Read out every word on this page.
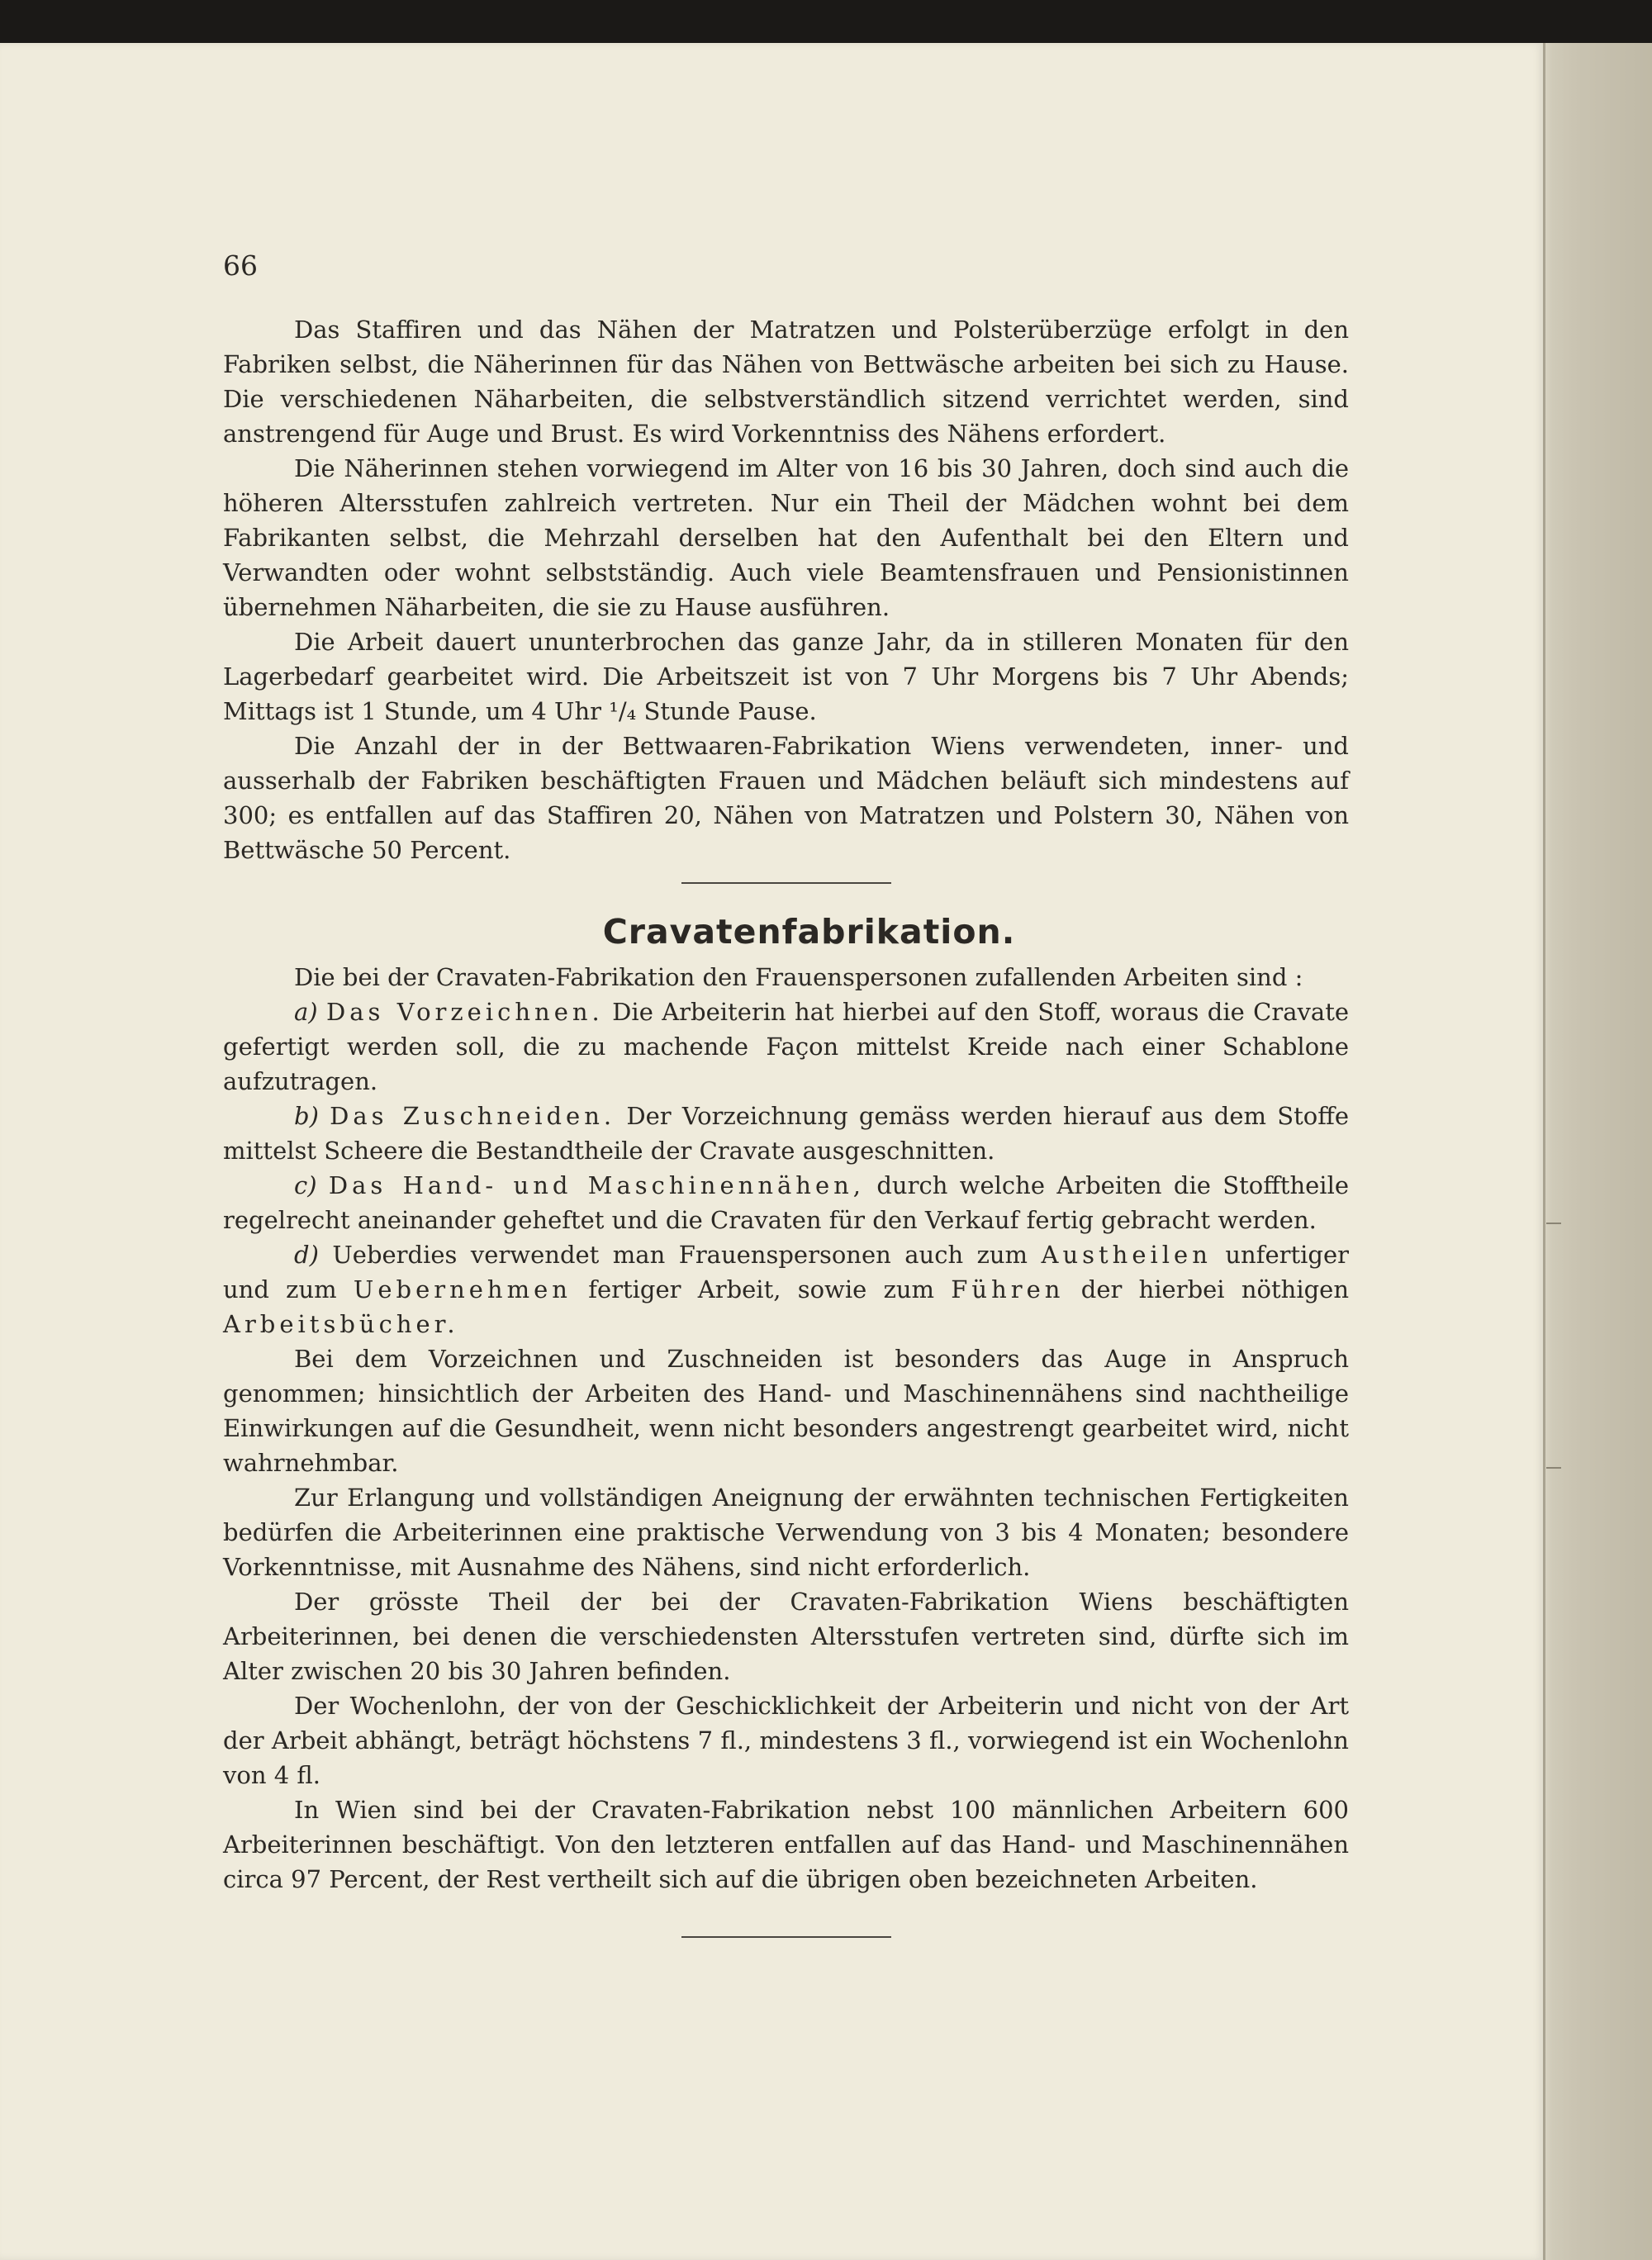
66

Das Staffiren und das Nähen der Matratzen und Polsterüberzüge erfolgt in den Fabriken selbst, die Näherinnen für das Nähen von Bettwäsche arbeiten bei sich zu Hause. Die verschiedenen Näharbeiten, die selbstverständlich sitzend verrichtet werden, sind anstrengend für Auge und Brust. Es wird Vorkenntniss des Nähens erfordert.

Die Näherinnen stehen vorwiegend im Alter von 16 bis 30 Jahren, doch sind auch die höheren Altersstufen zahlreich vertreten. Nur ein Theil der Mädchen wohnt bei dem Fabrikanten selbst, die Mehrzahl derselben hat den Aufenthalt bei den Eltern und Verwandten oder wohnt selbstständig. Auch viele Beamtensfrauen und Pensionistinnen übernehmen Näharbeiten, die sie zu Hause ausführen.

Die Arbeit dauert ununterbrochen das ganze Jahr, da in stilleren Monaten für den Lagerbedarf gearbeitet wird. Die Arbeitszeit ist von 7 Uhr Morgens bis 7 Uhr Abends; Mittags ist 1 Stunde, um 4 Uhr ¹/₄ Stunde Pause.

Die Anzahl der in der Bettwaaren-Fabrikation Wiens verwendeten, inner- und ausserhalb der Fabriken beschäftigten Frauen und Mädchen beläuft sich mindestens auf 300; es entfallen auf das Staffiren 20, Nähen von Matratzen und Polstern 30, Nähen von Bettwäsche 50 Percent.

Cravatenfabrikation.

Die bei der Cravaten-Fabrikation den Frauenspersonen zufallenden Arbeiten sind :

a) Das Vorzeichnen. Die Arbeiterin hat hierbei auf den Stoff, woraus die Cravate gefertigt werden soll, die zu machende Façon mittelst Kreide nach einer Schablone aufzutragen.

b) Das Zuschneiden. Der Vorzeichnung gemäss werden hierauf aus dem Stoffe mittelst Scheere die Bestandtheile der Cravate ausgeschnitten.

c) Das Hand- und Maschinennähen, durch welche Arbeiten die Stofftheile regelrecht aneinander geheftet und die Cravaten für den Verkauf fertig gebracht werden.

d) Ueberdies verwendet man Frauenspersonen auch zum Austheilen unfertiger und zum Uebernehmen fertiger Arbeit, sowie zum Führen der hierbei nöthigen Arbeitsbücher.

Bei dem Vorzeichnen und Zuschneiden ist besonders das Auge in Anspruch genommen; hinsichtlich der Arbeiten des Hand- und Maschinennähens sind nachtheilige Einwirkungen auf die Gesundheit, wenn nicht besonders angestrengt gearbeitet wird, nicht wahrnehmbar.

Zur Erlangung und vollständigen Aneignung der erwähnten technischen Fertigkeiten bedürfen die Arbeiterinnen eine praktische Verwendung von 3 bis 4 Monaten; besondere Vorkenntnisse, mit Ausnahme des Nähens, sind nicht erforderlich.

Der grösste Theil der bei der Cravaten-Fabrikation Wiens beschäftigten Arbeiterinnen, bei denen die verschiedensten Altersstufen vertreten sind, dürfte sich im Alter zwischen 20 bis 30 Jahren befinden.

Der Wochenlohn, der von der Geschicklichkeit der Arbeiterin und nicht von der Art der Arbeit abhängt, beträgt höchstens 7 fl., mindestens 3 fl., vorwiegend ist ein Wochenlohn von 4 fl.

In Wien sind bei der Cravaten-Fabrikation nebst 100 männlichen Arbeitern 600 Arbeiterinnen beschäftigt. Von den letzteren entfallen auf das Hand- und Maschinennähen circa 97 Percent, der Rest vertheilt sich auf die übrigen oben bezeichneten Arbeiten.
